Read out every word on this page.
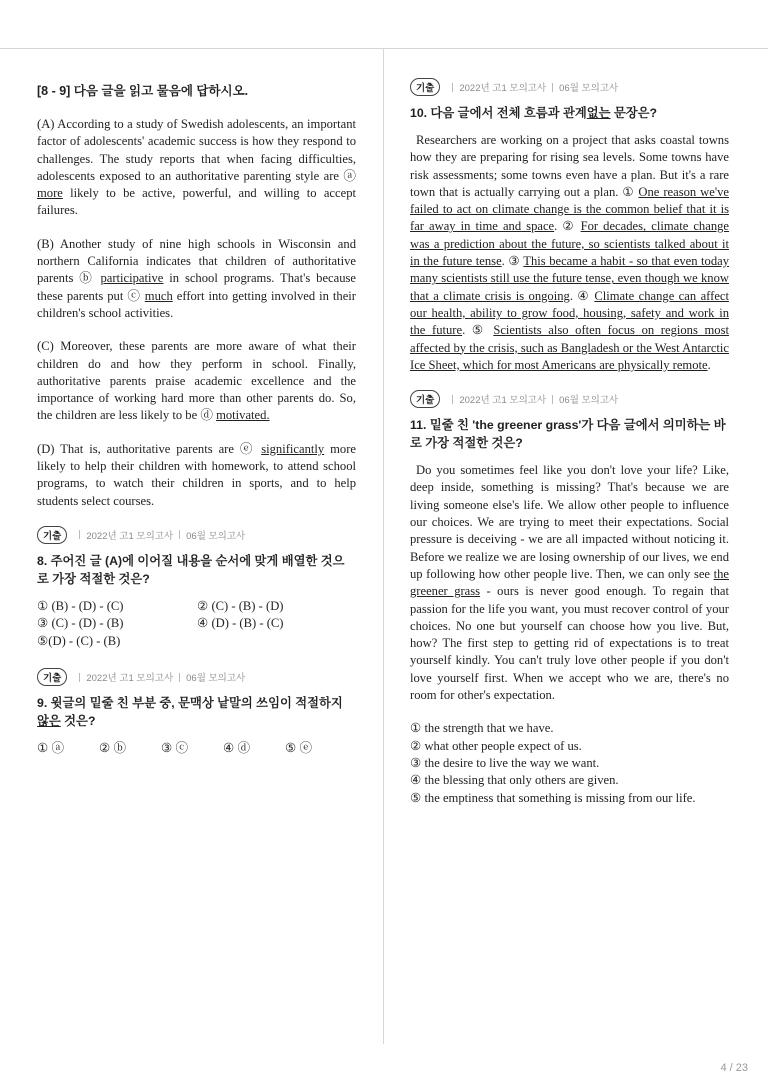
[8 - 9] 다음 글을 읽고 물음에 답하시오.

(A) According to a study of Swedish adolescents, an important factor of adolescents' academic success is how they respond to challenges. The study reports that when facing difficulties, adolescents exposed to an authoritative parenting style are ⓐ more likely to be active, powerful, and willing to accept failures.

(B) Another study of nine high schools in Wisconsin and northern California indicates that children of authoritative parents ⓑ participative in school programs. That's because these parents put ⓒ much effort into getting involved in their children's school activities.

(C) Moreover, these parents are more aware of what their children do and how they perform in school. Finally, authoritative parents praise academic excellence and the importance of working hard more than other parents do. So, the children are less likely to be ⓓ motivated.

(D) That is, authoritative parents are ⓔ significantly more likely to help their children with homework, to attend school programs, to watch their children in sports, and to help students select courses.

기출	2022년 고1 모의고사 06월 모의고사
8. 주어진 글 (A)에 이어질 내용을 순서에 맞게 배열한 것으로 가장 적절한 것은?
① (B) - (D) - (C)	② (C) - (B) - (D)
③ (C) - (D) - (B)	④ (D) - (B) - (C)
⑤(D) - (C) - (B)
기출	2022년 고1 모의고사 06월 모의고사
9. 윗글의 밑줄 친 부분 중, 문맥상 낱말의 쓰임이 적절하지 않은 것은?
① ⓐ	② ⓑ	③ ⓒ	④ ⓓ	⑤ ⓔ
기출	2022년 고1 모의고사 06월 모의고사
10. 다음 글에서 전체 흐름과 관계없는 문장은?

Researchers are working on a project that asks coastal towns how they are preparing for rising sea levels. Some towns have risk assessments; some towns even have a plan. But it's a rare town that is actually carrying out a plan. ① One reason we've failed to act on climate change is the common belief that it is far away in time and space. ② For decades, climate change was a prediction about the future, so scientists talked about it in the future tense. ③ This became a habit - so that even today many scientists still use the future tense, even though we know that a climate crisis is ongoing. ④ Climate change can affect our health, ability to grow food, housing, safety and work in the future. ⑤ Scientists also often focus on regions most affected by the crisis, such as Bangladesh or the West Antarctic Ice Sheet, which for most Americans are physically remote.

기출	2022년 고1 모의고사 06월 모의고사
11. 밑줄 친 'the greener grass'가 다음 글에서 의미하는 바로 가장 적절한 것은?

Do you sometimes feel like you don't love your life? Like, deep inside, something is missing? That's because we are living someone else's life. We allow other people to influence our choices. We are trying to meet their expectations. Social pressure is deceiving - we are all impacted without noticing it. Before we realize we are losing ownership of our lives, we end up following how other people live. Then, we can only see the greener grass - ours is never good enough. To regain that passion for the life you want, you must recover control of your choices. No one but yourself can choose how you live. But, how? The first step to getting rid of expectations is to treat yourself kindly. You can't truly love other people if you don't love yourself first. When we accept who we are, there's no room for other's expectation.

① the strength that we have.
② what other people expect of us.
③ the desire to live the way we want.
④ the blessing that only others are given.
⑤ the emptiness that something is missing from our life.
4 / 23
